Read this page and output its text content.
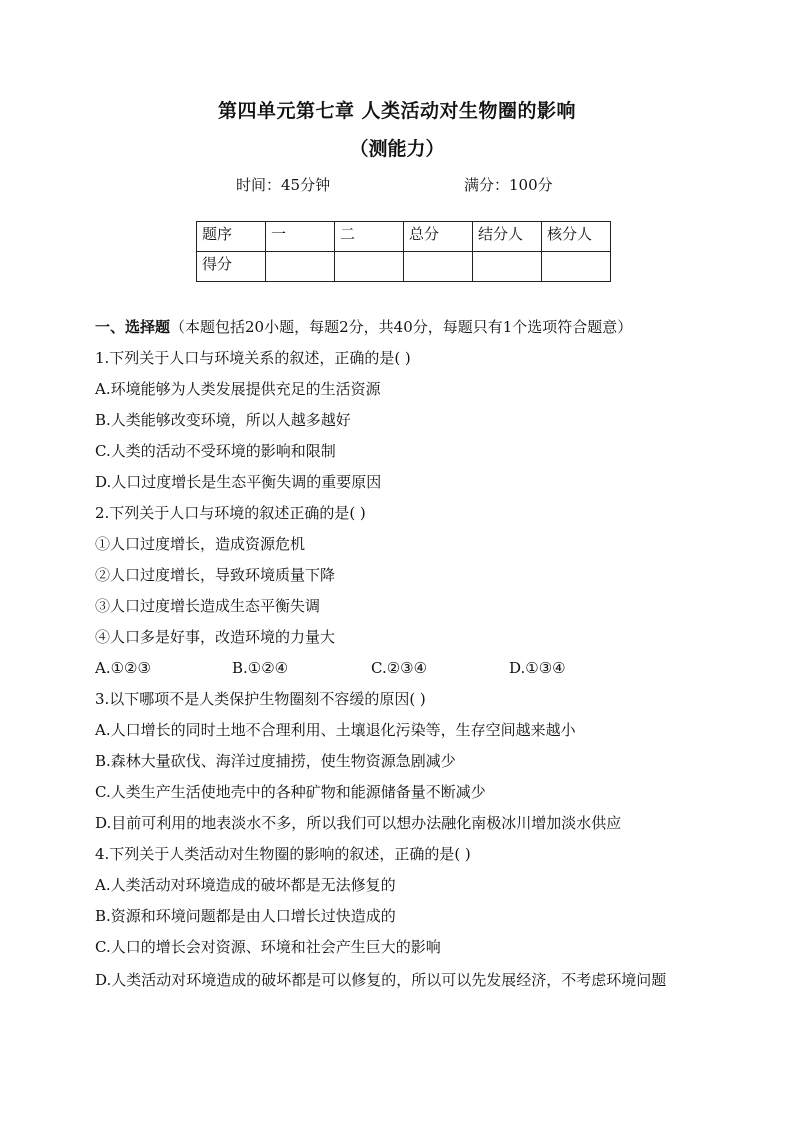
第四单元第七章 人类活动对生物圈的影响
（测能力）
时间：45分钟	满分：100分
题序	一	二	总分	结分人	核分人
得分					
一、选择题（本题包括20小题，每题2分，共40分，每题只有1个选项符合题意）
1.下列关于人口与环境关系的叙述，正确的是( )
A.环境能够为人类发展提供充足的生活资源
B.人类能够改变环境，所以人越多越好
C.人类的活动不受环境的影响和限制
D.人口过度增长是生态平衡失调的重要原因
2.下列关于人口与环境的叙述正确的是( )
①人口过度增长，造成资源危机
②人口过度增长，导致环境质量下降
③人口过度增长造成生态平衡失调
④人口多是好事，改造环境的力量大
A.①②③	B.①②④	C.②③④	D.①③④
3.以下哪项不是人类保护生物圈刻不容缓的原因( )
A.人口增长的同时土地不合理利用、土壤退化污染等，生存空间越来越小
B.森林大量砍伐、海洋过度捕捞，使生物资源急剧减少
C.人类生产生活使地壳中的各种矿物和能源储备量不断减少
D.目前可利用的地表淡水不多，所以我们可以想办法融化南极冰川增加淡水供应
4.下列关于人类活动对生物圈的影响的叙述，正确的是( )
A.人类活动对环境造成的破坏都是无法修复的
B.资源和环境问题都是由人口增长过快造成的
C.人口的增长会对资源、环境和社会产生巨大的影响
D.人类活动对环境造成的破坏都是可以修复的，所以可以先发展经济，不考虑环境问题
